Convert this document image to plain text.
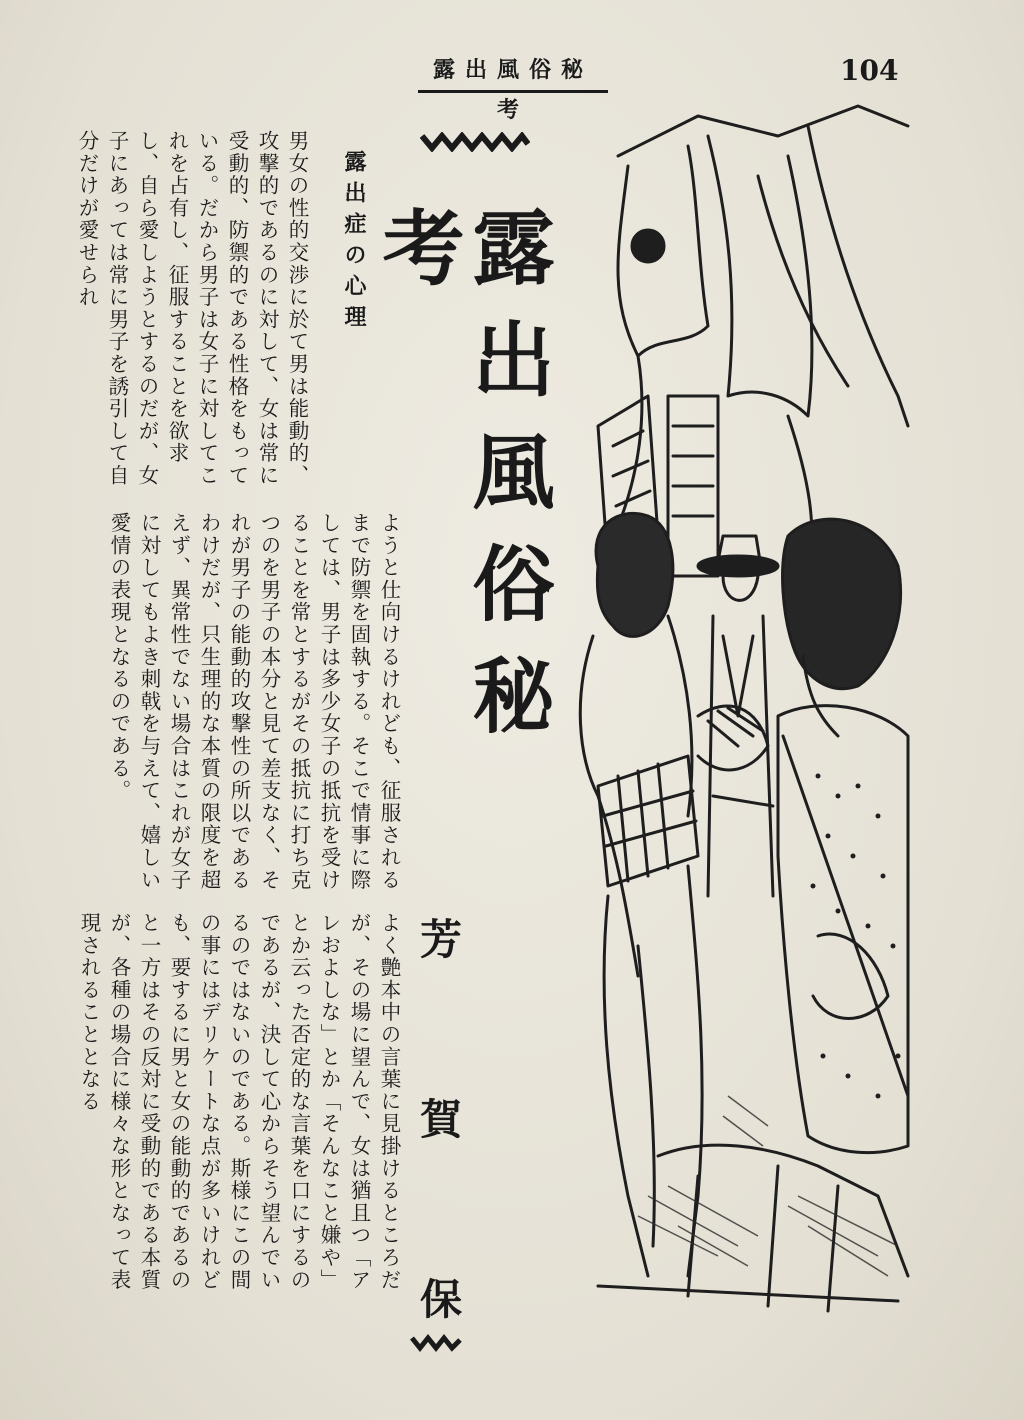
露出風俗秘考
104
露出風俗秘考
芳
賀
保
露出症の心理
男女の性的交渉に於て男は能動的、攻撃的であるのに対して、女は常に受動的、防禦的である性格をもっている。だから男子は女子に対してこれを占有し、征服することを欲求し、自ら愛しようとするのだが、女子にあっては常に男子を誘引して自分だけが愛せられ
ようと仕向けるけれども、征服されるまで防禦を固執する。そこで情事に際しては、男子は多少女子の抵抗を受けることを常とするがその抵抗に打ち克つのを男子の本分と見て差支なく、それが男子の能動的攻撃性の所以であるわけだが、只生理的な本質の限度を超えず、異常性でない場合はこれが女子に対してもよき刺戟を与えて、嬉しい愛情の表現となるのである。
よく艶本中の言葉に見掛けるところだが、その場に望んで、女は猶且つ「アレおよしな」とか「そんなこと嫌や」とか云った否定的な言葉を口にするのであるが、決して心からそう望んでいるのではないのである。斯様にこの間の事にはデリケートな点が多いけれども、要するに男と女の能動的であるのと一方はその反対に受動的である本質が、各種の場合に様々な形となって表現されることとなる
